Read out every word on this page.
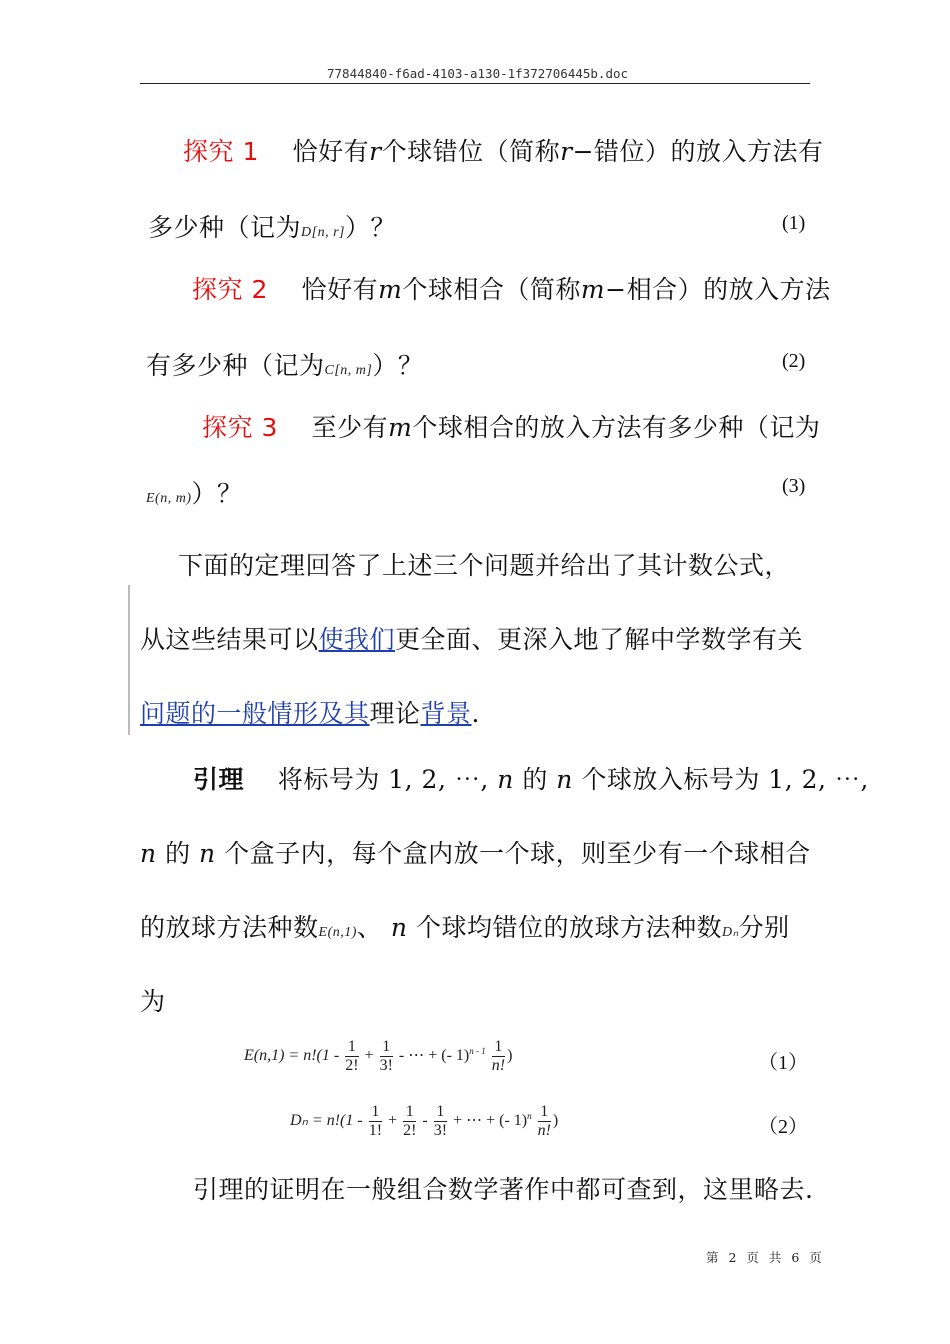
77844840-f6ad-4103-a130-1f372706445b.doc
探究 1 恰好有r个球错位（简称r−错位）的放入方法有
多少种（记为D[n, r]）？	(1)
探究 2 恰好有m个球相合（简称m−相合）的放入方法
有多少种（记为C[n, m]）？	(2)
探究 3 至少有m个球相合的放入方法有多少种（记为
E(n, m)）？	(3)
下面的定理回答了上述三个问题并给出了其计数公式，
从这些结果可以使我们更全面、更深入地了解中学数学有关
问题的一般情形及其理论背景.
引理 将标号为 1, 2, ⋯, n 的 n 个球放入标号为 1, 2, ⋯,
n 的 n 个盒子内，每个盒内放一个球，则至少有一个球相合
的放球方法种数E(n,1)、 n 个球均错位的放球方法种数Dₙ分别
为
$E(n,1) = n!(1 - \frac{1}{2!} + \frac{1}{3!}$ - ⋯ + (- $1)^{n - 1} \frac{1}{n!}$ )	（1）
$D_n = n!(1 - \frac{1}{1!} + \frac{1}{2!} - \frac{1}{3!}$ + ⋯ + (- $1)^n \frac{1}{n!}$ )	（2）
引理的证明在一般组合数学著作中都可查到，这里略去.
第 2 页 共 6 页
